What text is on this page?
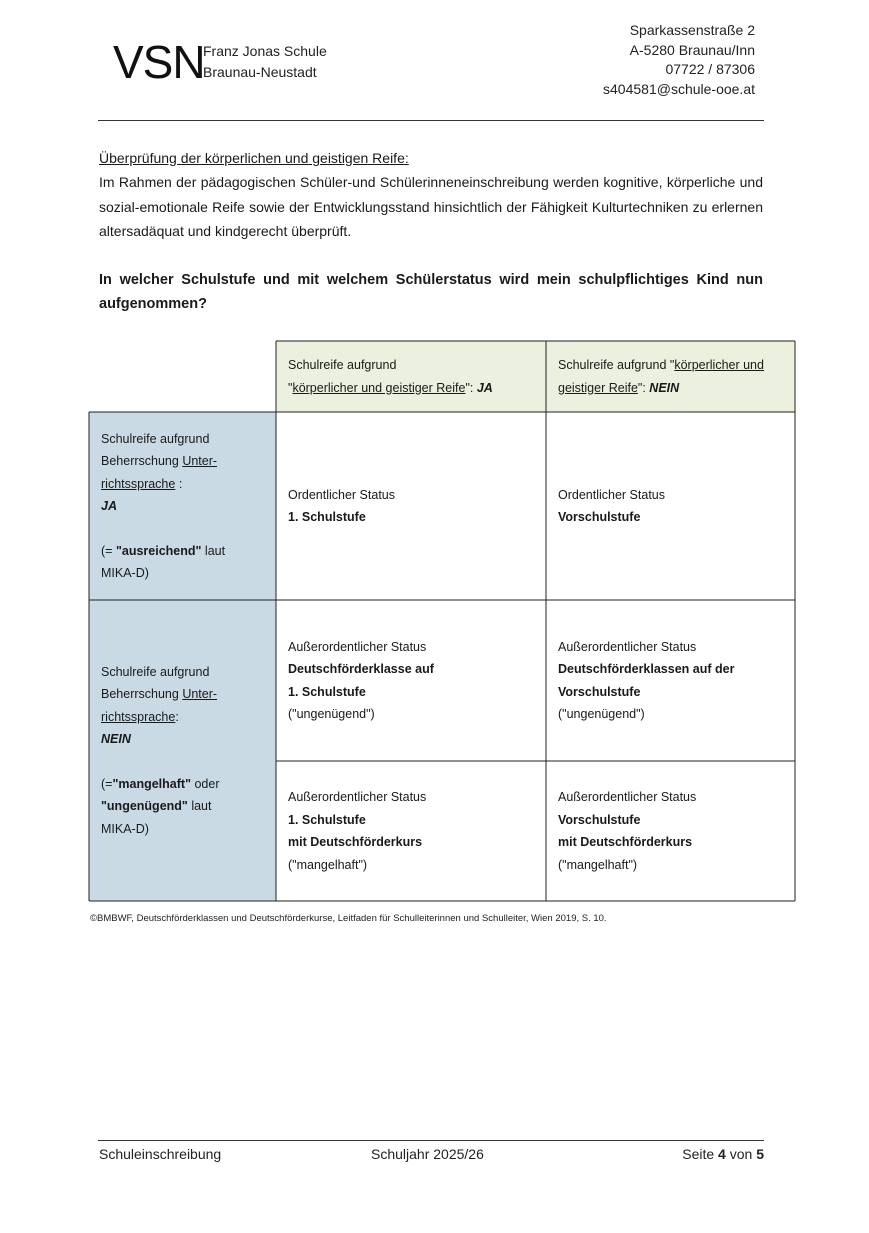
VSN
Franz Jonas Schule
Braunau-Neustadt
Sparkassenstraße 2
A-5280 Braunau/Inn
07722 / 87306
s404581@schule-ooe.at
Überprüfung der körperlichen und geistigen Reife:
Im Rahmen der pädagogischen Schüler-und Schülerinneneinschreibung werden kognitive, körperliche und sozial-emotionale Reife sowie der Entwicklungsstand hinsichtlich der Fähigkeit Kulturtechniken zu erlernen altersadäquat und kindgerecht überprüft.
In welcher Schulstufe und mit welchem Schülerstatus wird mein schulpflichtiges Kind nun aufgenommen?
Schulreife aufgrund
"körperlicher und geistiger Reife": JA
Schulreife aufgrund "körperlicher und
geistiger Reife": NEIN
Schulreife aufgrund
Beherrschung Unter-
richtssprache :
JA
(= "ausreichend" laut
MIKA-D)
Ordentlicher Status
1. Schulstufe
Ordentlicher Status
Vorschulstufe
Schulreife aufgrund
Beherrschung Unter-
richtssprache:
NEIN
(="mangelhaft" oder
"ungenügend" laut
MIKA-D)
Außerordentlicher Status
Deutschförderklasse auf
1. Schulstufe
("ungenügend")
Außerordentlicher Status
Deutschförderklassen auf der
Vorschulstufe
("ungenügend")
Außerordentlicher Status
1. Schulstufe
mit Deutschförderkurs
("mangelhaft")
Außerordentlicher Status
Vorschulstufe
mit Deutschförderkurs
("mangelhaft")
©BMBWF, Deutschförderklassen und Deutschförderkurse, Leitfaden für Schulleiterinnen und Schulleiter, Wien 2019, S. 10.
Schuleinschreibung	Schuljahr 2025/26	Seite 4 von 5
